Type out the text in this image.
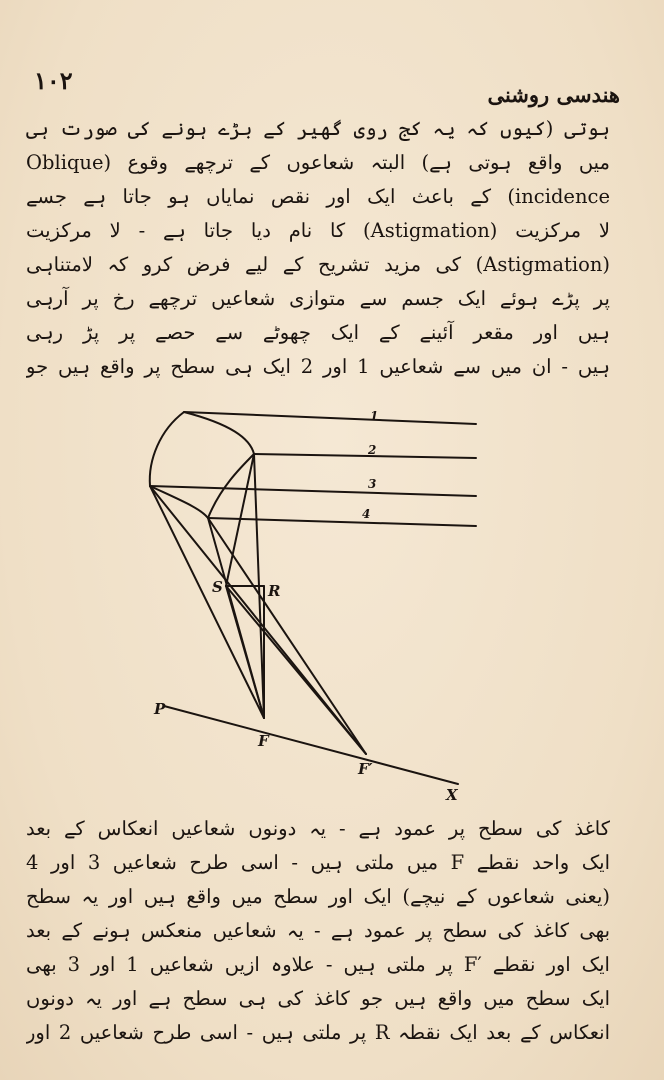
۱۰۲	هندسی روشنی
ہوتی (کیوں کہ یہ کج روی گھیر کے بڑے ہونے کی صورت ہی
میں واقع ہوتی ہے) البتہ شعاعوں کے ترچھے وقوع (Oblique
incidence) کے باعث ایک اور نقص نمایاں ہو جاتا ہے جسے
لا مرکزیت (Astigmation) کا نام دیا جاتا ہے - لا مرکزیت
(Astigmation) کی مزید تشریح کے لیے فرض کرو کہ لامتناہی
پر پڑے ہوئے ایک جسم سے متوازی شعاعیں ترچھے رخ پر آرہی
ہیں اور مقعر آئینے کے ایک چھوٹے سے حصے پر پڑ رہی
ہیں - ان میں سے شعاعیں 1 اور 2 ایک ہی سطح پر واقع ہیں جو
1
2
3
4
S	R
P
F
F′
X
کاغذ کی سطح پر عمود ہے - یہ دونوں شعاعیں انعکاس کے بعد
ایک واحد نقطے F میں ملتی ہیں - اسی طرح شعاعیں 3 اور 4
(یعنی شعاعوں کے نیچے) ایک اور سطح میں واقع ہیں اور یہ سطح
بھی کاغذ کی سطح پر عمود ہے - یہ شعاعیں منعکس ہونے کے بعد
ایک اور نقطے ′F پر ملتی ہیں - علاوہ ازیں شعاعیں 1 اور 3 بھی
ایک سطح میں واقع ہیں جو کاغذ کی ہی سطح ہے اور یہ دونوں
انعکاس کے بعد ایک نقطہ R پر ملتی ہیں - اسی طرح شعاعیں 2 اور
